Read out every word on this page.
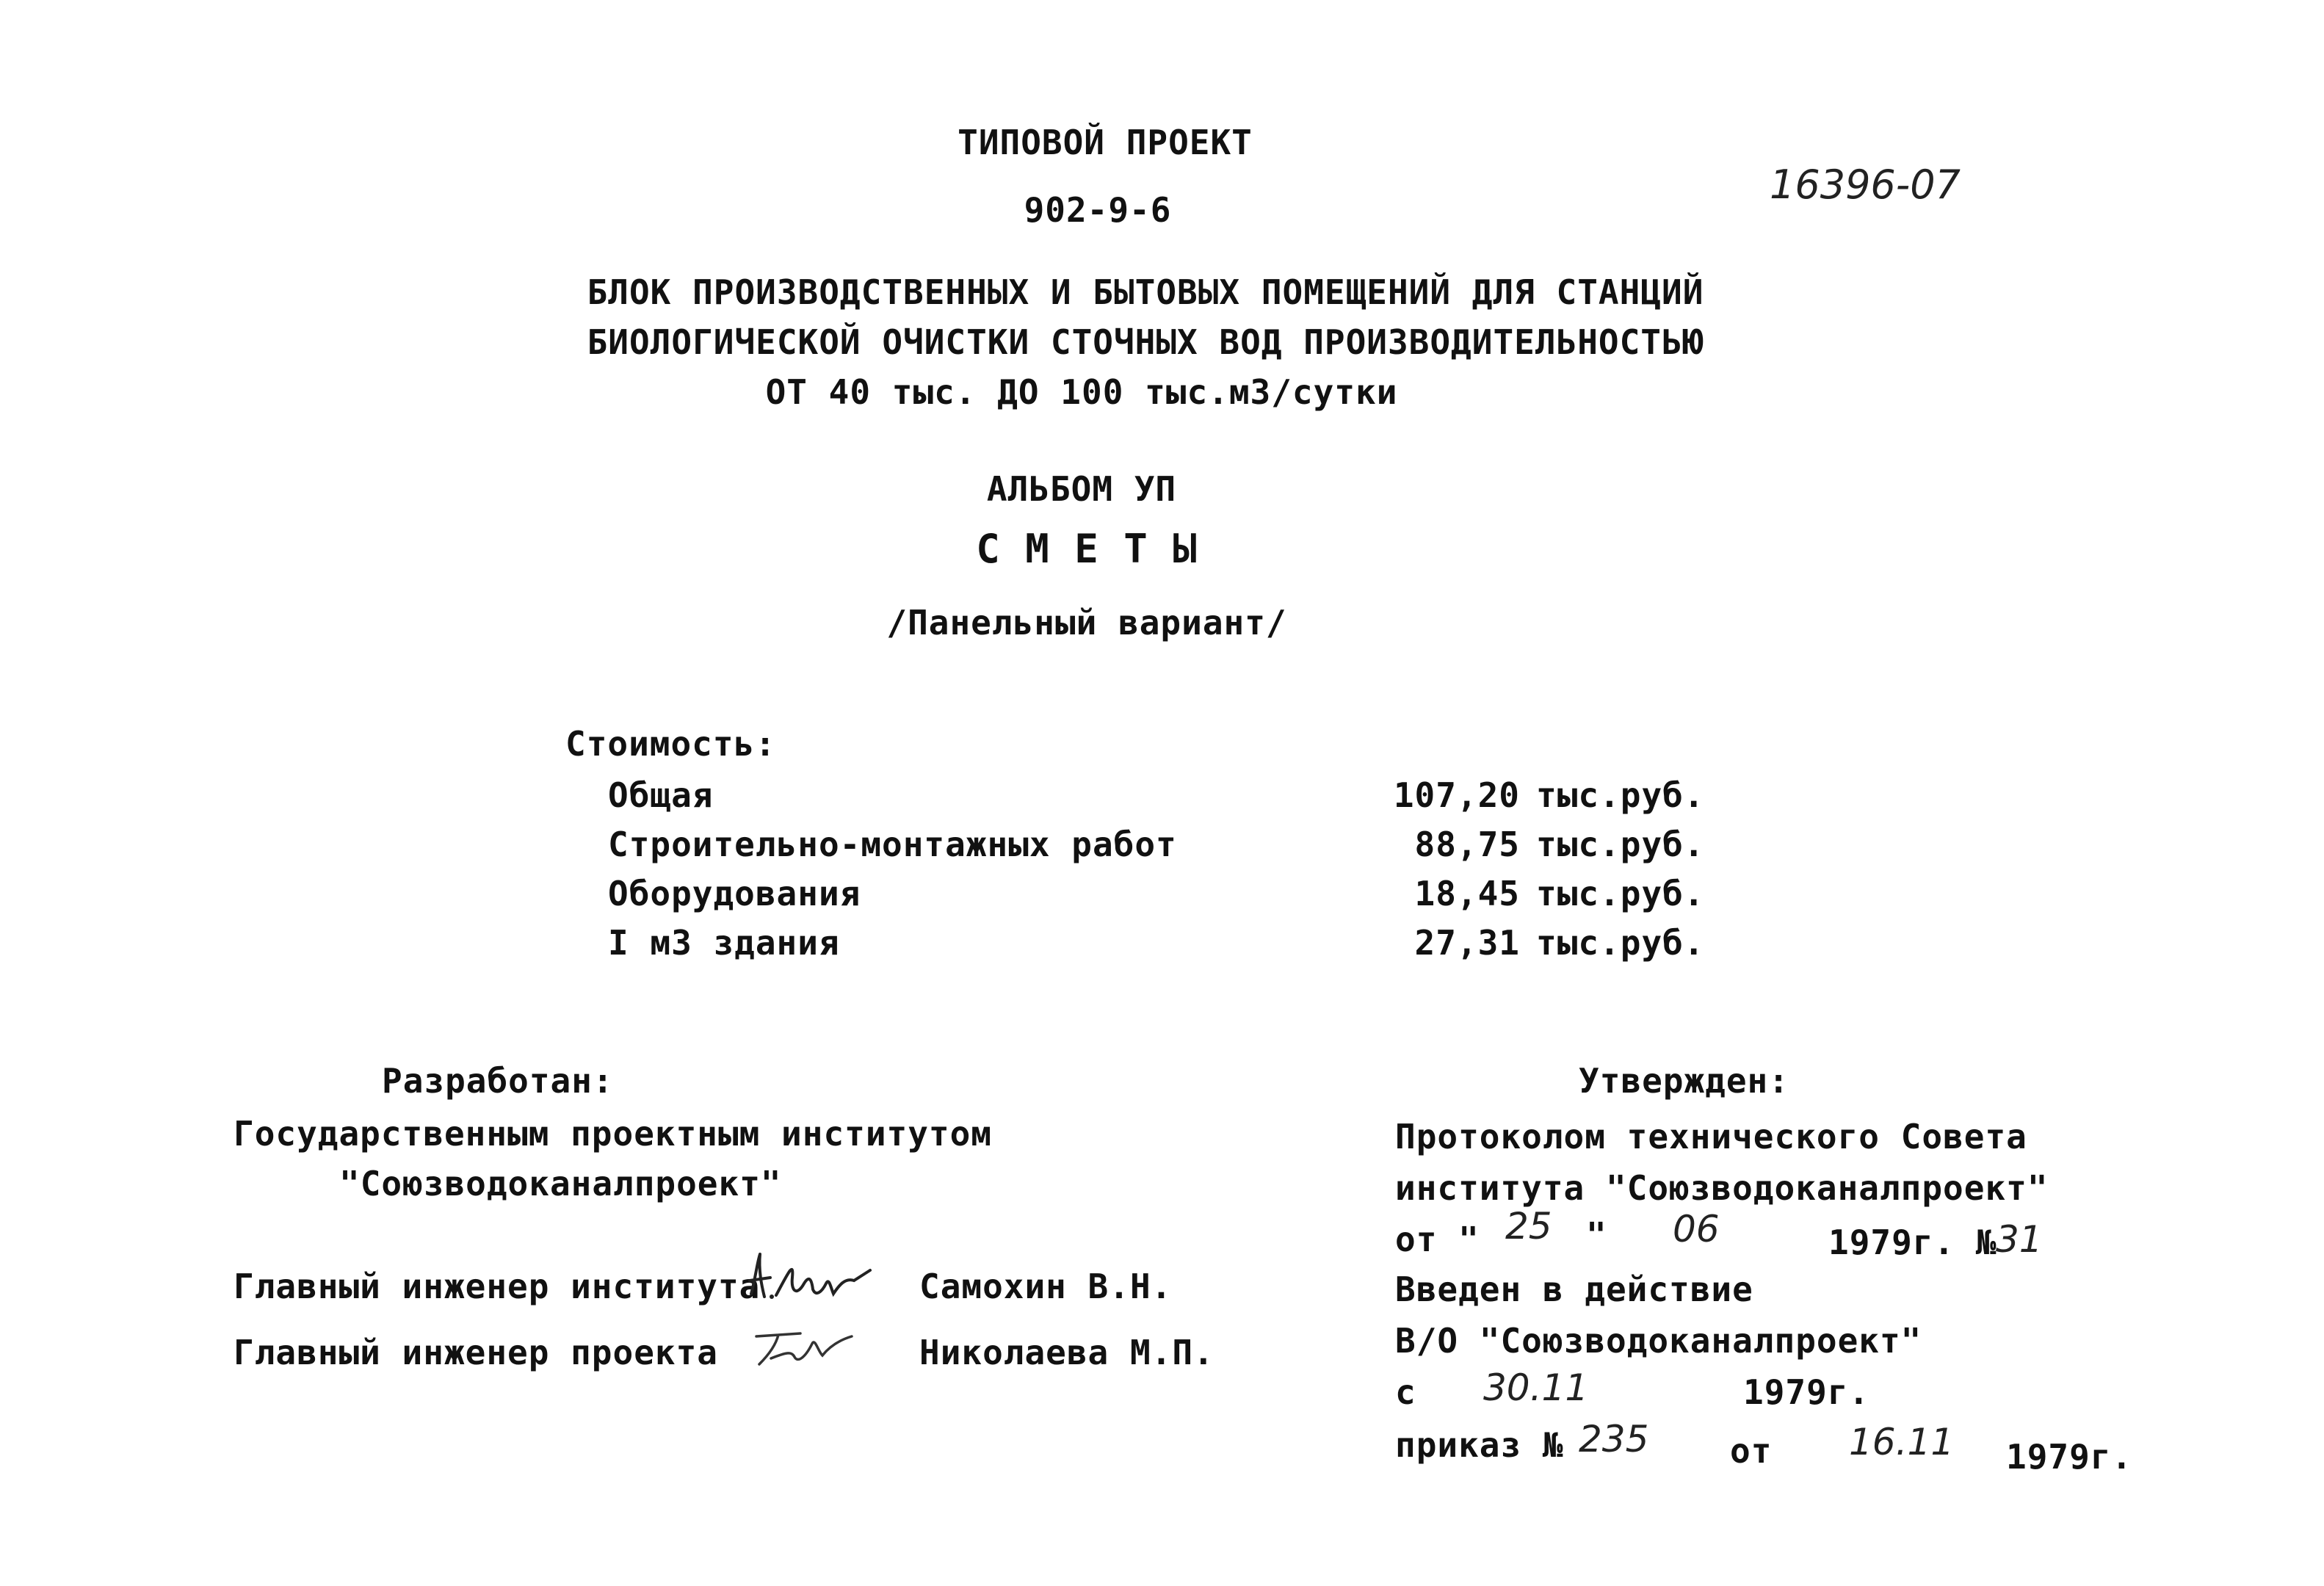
ТИПОВОЙ ПРОЕКТ
902-9-6
16396-07
БЛОК ПРОИЗВОДСТВЕННЫХ И БЫТОВЫХ ПОМЕЩЕНИЙ ДЛЯ СТАНЦИЙ
БИОЛОГИЧЕСКОЙ ОЧИСТКИ СТОЧНЫХ ВОД ПРОИЗВОДИТЕЛЬНОСТЬЮ
ОТ 40 тыс. ДО 100 тыс.м3/сутки
АЛЬБОМ УП
С М Е Т Ы
/Панельный вариант/
Стоимость:
Общая	107,20 тыс.руб.
Строительно-монтажных работ	88,75 тыс.руб.
Оборудования	18,45 тыс.руб.
I м3 здания	27,31 тыс.руб.
Разработан:
Государственным проектным институтом
"Союзводоканалпроект"
Главный инженер института	Самохин В.Н.
Главный инженер проекта	Николаева М.П.
Утвержден:
Протоколом технического Совета
института "Союзводоканалпроект"
от " 25 " 06	1979г. №
31
Введен в действие
В/О "Союзводоканалпроект"
с 30.11	1979г.
приказ № 235 от 16.11 1979г.
